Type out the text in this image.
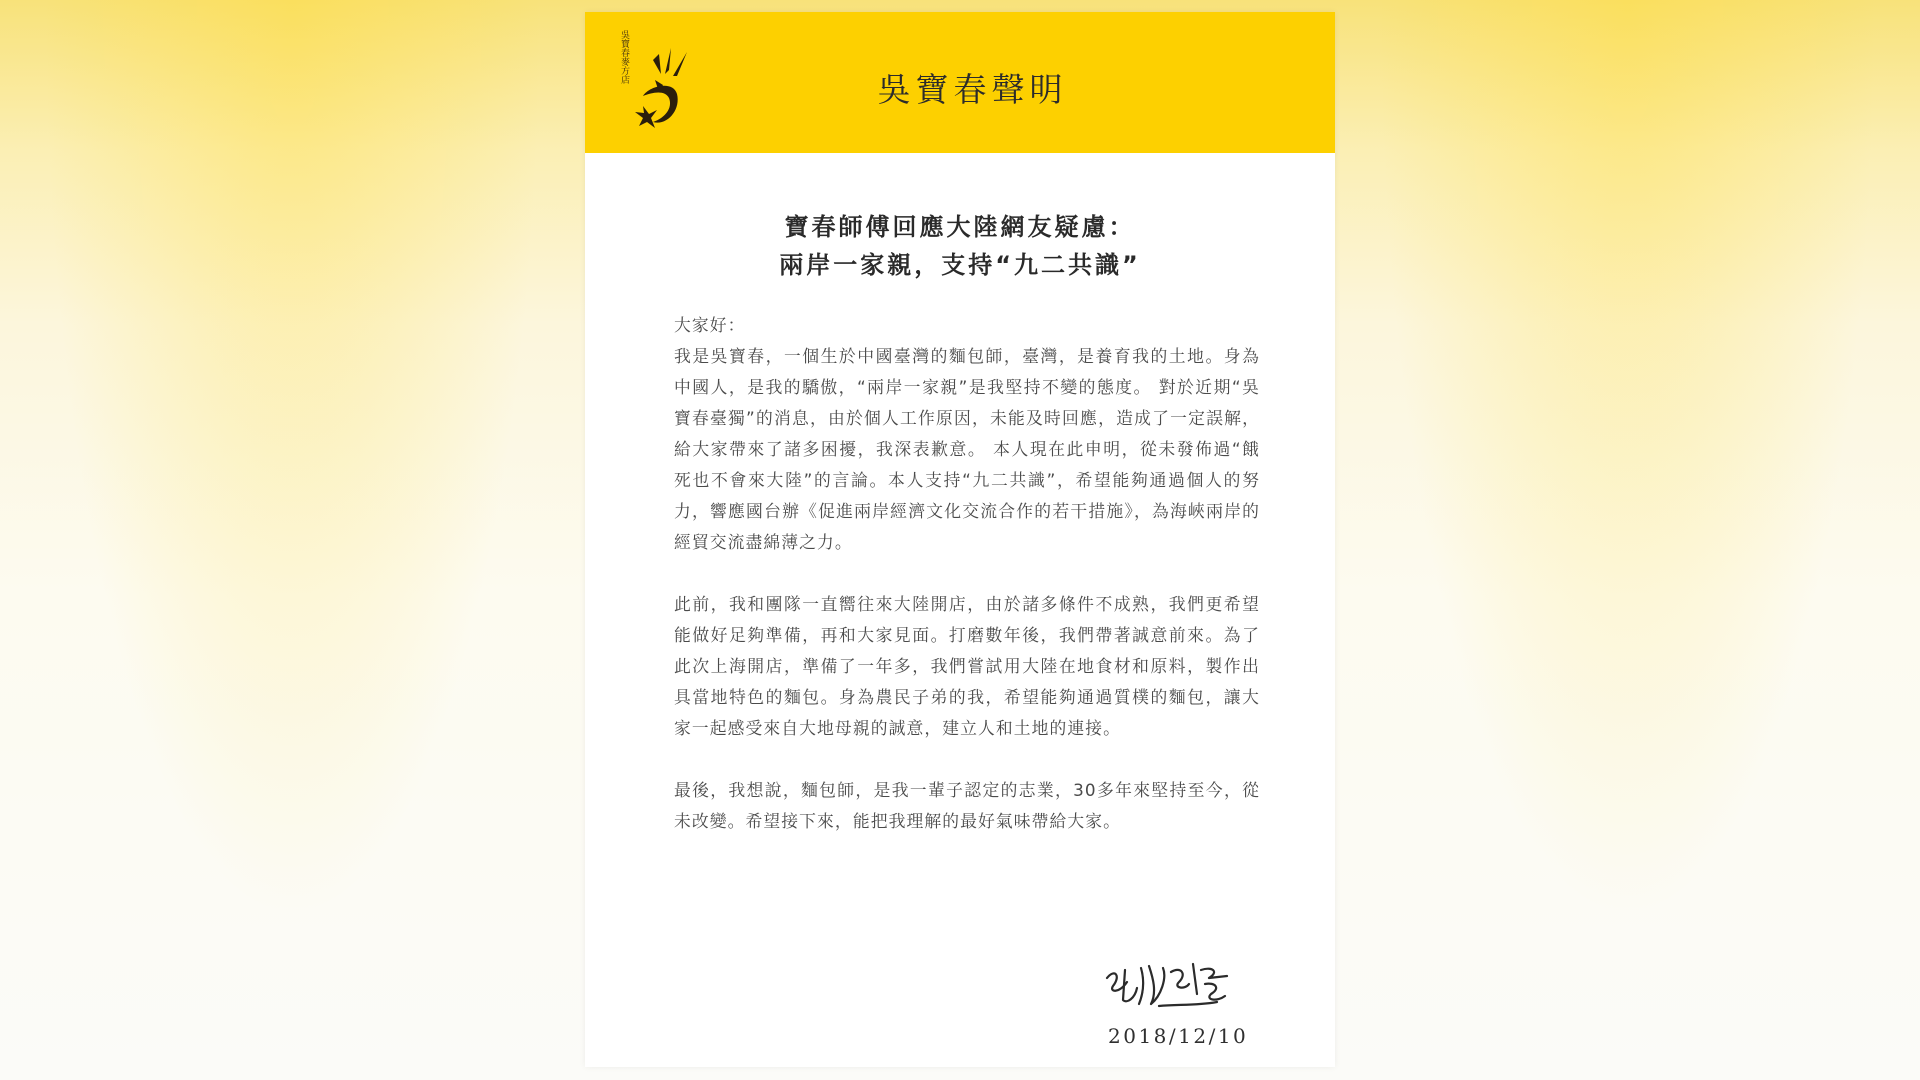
吳寶春麥方店
吳寶春聲明
寶春師傅回應大陸網友疑慮：
兩岸一家親，支持“九二共識”
大家好：

我是吳寶春，一個生於中國臺灣的麵包師，臺灣，是養育我的土地。身為中國人，是我的驕傲，“兩岸一家親”是我堅持不變的態度。 對於近期“吳寶春臺獨”的消息，由於個人工作原因，未能及時回應，造成了一定誤解，給大家帶來了諸多困擾，我深表歉意。 本人現在此申明，從未發佈過“餓死也不會來大陸”的言論。本人支持“九二共識”，希望能夠通過個人的努力，響應國台辦《促進兩岸經濟文化交流合作的若干措施》，為海峽兩岸的經貿交流盡綿薄之力。

此前，我和團隊一直嚮往來大陸開店，由於諸多條件不成熟，我們更希望能做好足夠準備，再和大家見面。打磨數年後，我們帶著誠意前來。為了此次上海開店，準備了一年多，我們嘗試用大陸在地食材和原料，製作出具當地特色的麵包。身為農民子弟的我，希望能夠通過質樸的麵包，讓大家一起感受來自大地母親的誠意，建立人和土地的連接。

最後，我想說，麵包師，是我一輩子認定的志業，30多年來堅持至今，從未改變。希望接下來，能把我理解的最好氣味帶給大家。

2018/12/10
